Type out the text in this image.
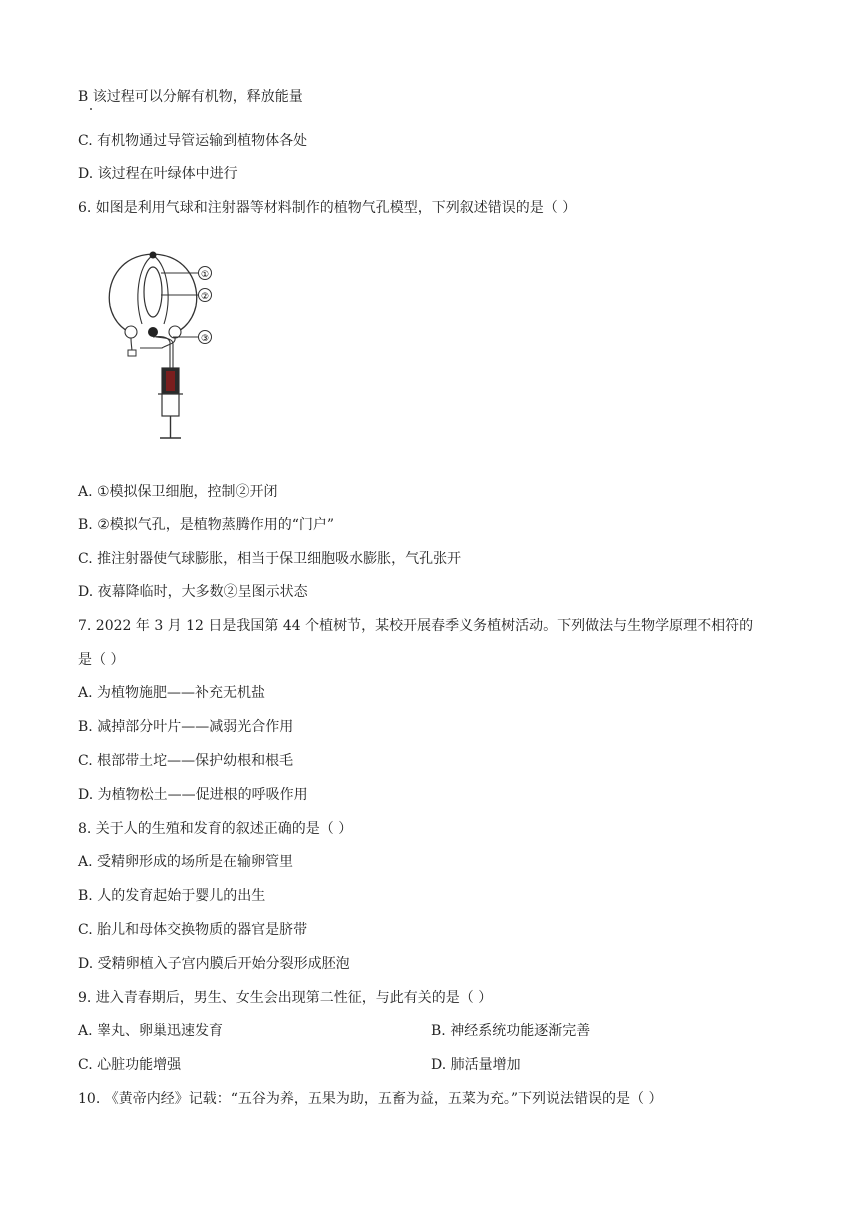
B 该过程可以分解有机物，释放能量
C. 有机物通过导管运输到植物体各处
D. 该过程在叶绿体中进行
6. 如图是利用气球和注射器等材料制作的植物气孔模型，下列叙述错误的是（ ）
①
②
③
A. ①模拟保卫细胞，控制②开闭
B. ②模拟气孔，是植物蒸腾作用的“门户”
C. 推注射器使气球膨胀，相当于保卫细胞吸水膨胀，气孔张开
D. 夜幕降临时，大多数②呈图示状态
7. 2022 年 3 月 12 日是我国第 44 个植树节，某校开展春季义务植树活动。下列做法与生物学原理不相符的
是（ ）
A. 为植物施肥——补充无机盐
B. 减掉部分叶片——减弱光合作用
C. 根部带土坨——保护幼根和根毛
D. 为植物松土——促进根的呼吸作用
8. 关于人的生殖和发育的叙述正确的是（ ）
A. 受精卵形成的场所是在输卵管里
B. 人的发育起始于婴儿的出生
C. 胎儿和母体交换物质的器官是脐带
D. 受精卵植入子宫内膜后开始分裂形成胚泡
9. 进入青春期后，男生、女生会出现第二性征，与此有关的是（ ）
A. 睾丸、卵巢迅速发育	B. 神经系统功能逐渐完善
C. 心脏功能增强	D. 肺活量增加
10. 《黄帝内经》记载：“五谷为养，五果为助，五畜为益，五菜为充。”下列说法错误的是（ ）
